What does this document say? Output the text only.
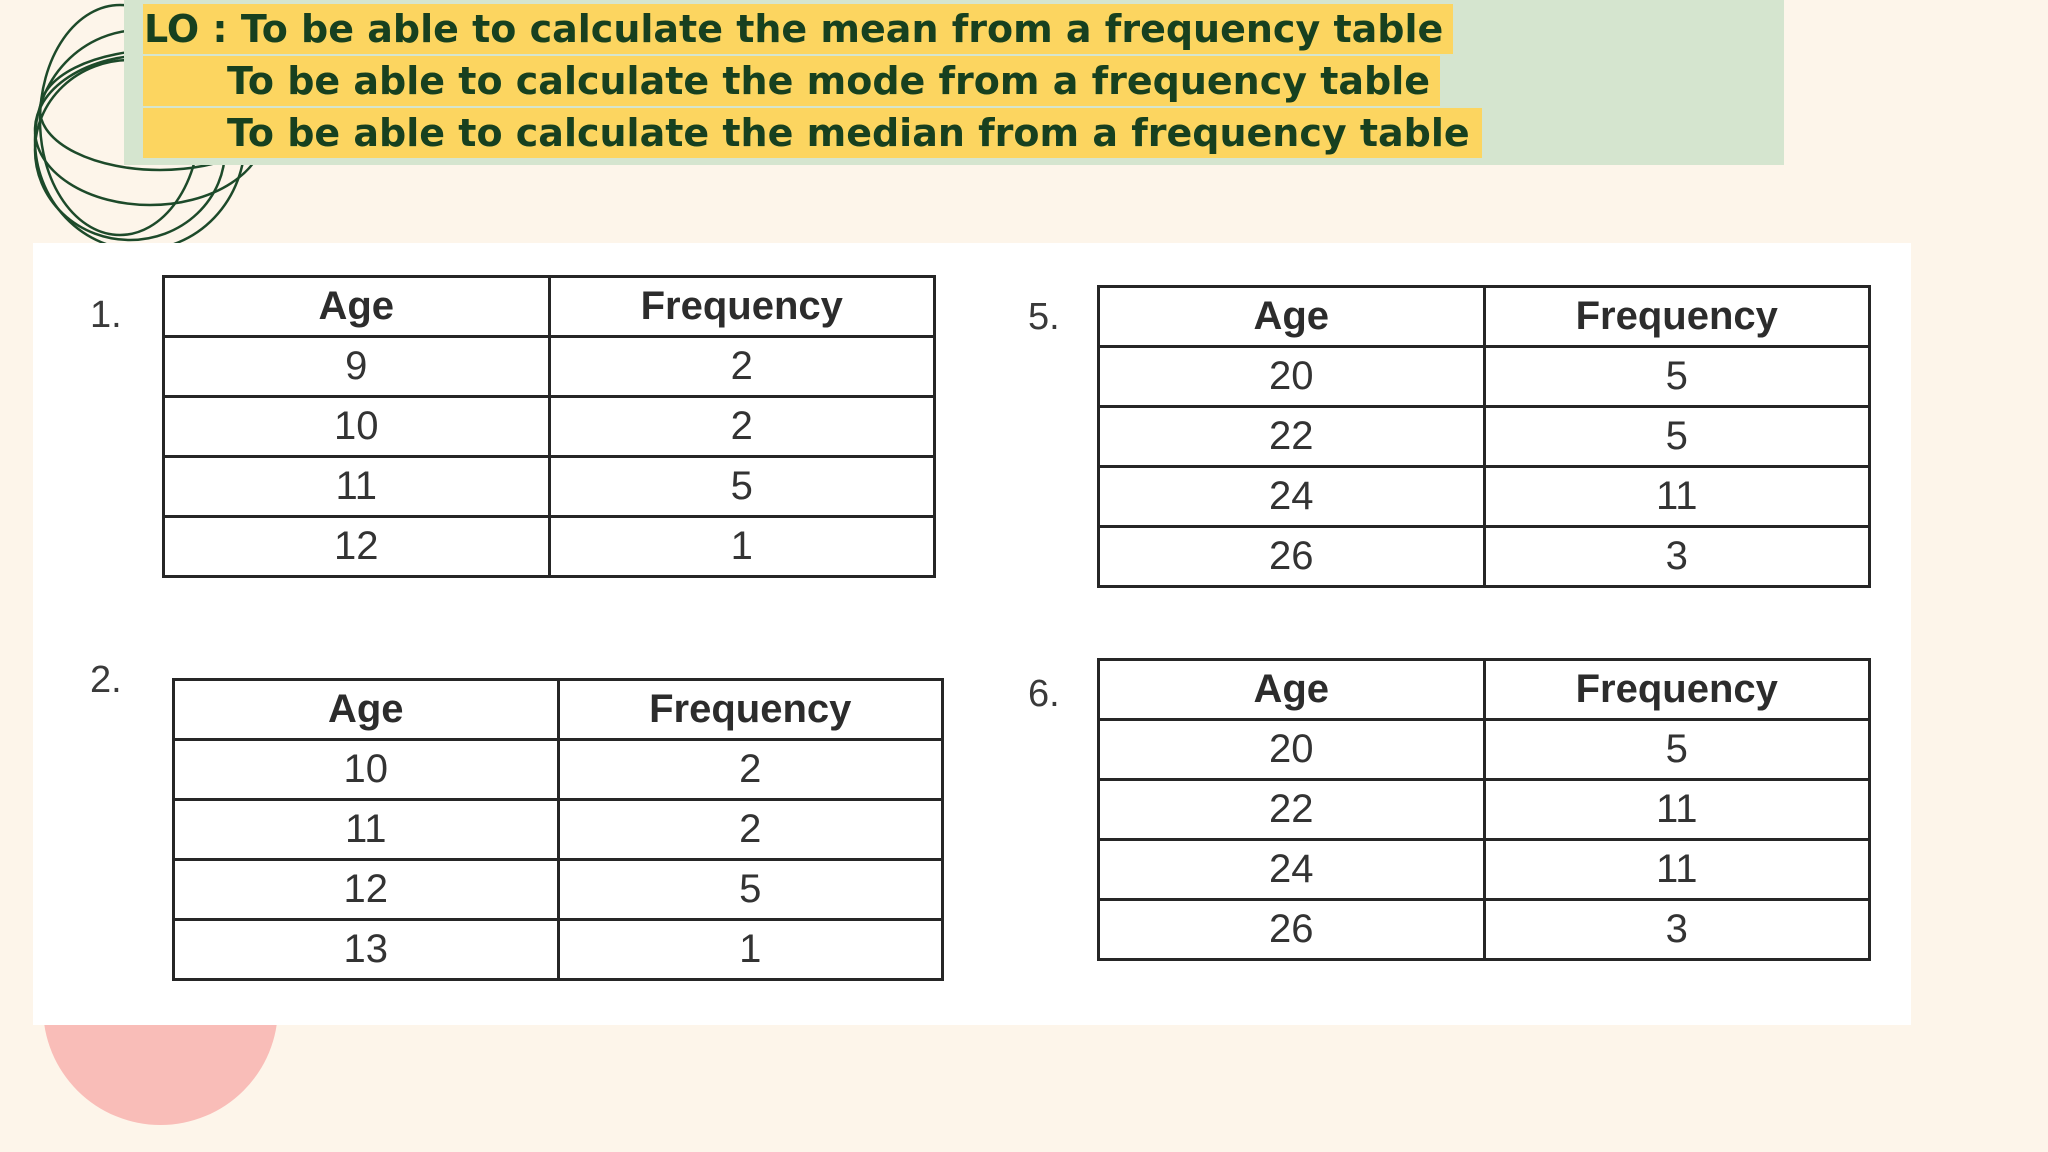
LO : To be able to calculate the mean from a frequency table
To be able to calculate the mode from a frequency table
To be able to calculate the median from a frequency table
1.	Age	Frequency
9	2
10	2
11	5
12	1
2.
Age	Frequency
10	2
11	2
12	5
13	1
5.	Age	Frequency
20	5
22	5
24	11
26	3
6.	Age	Frequency
20	5
22	11
24	11
26	3
